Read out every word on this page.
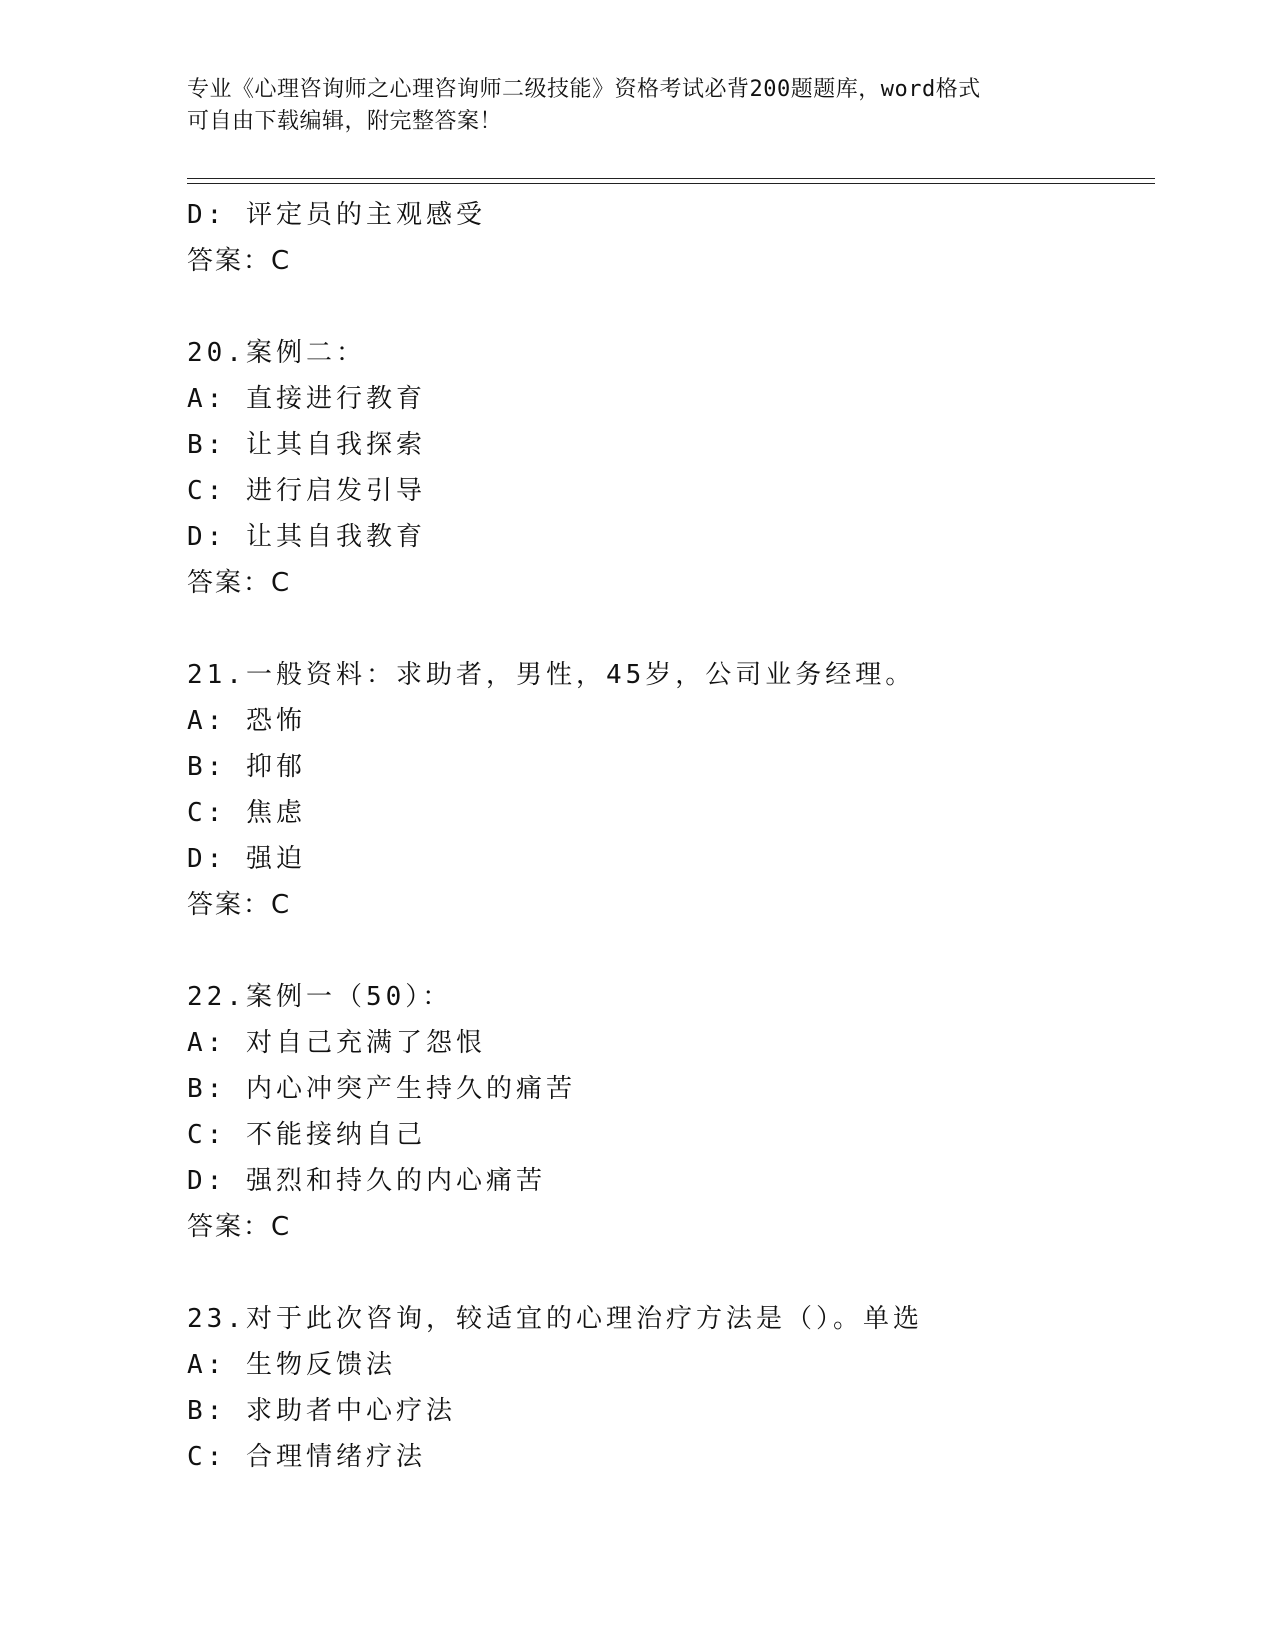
专业《心理咨询师之心理咨询师二级技能》资格考试必背200题题库，word格式
可自由下载编辑，附完整答案！
D: 评定员的主观感受
答案：C
20.案例二：
A: 直接进行教育
B: 让其自我探索
C: 进行启发引导
D: 让其自我教育
答案：C
21.一般资料：求助者，男性，45岁，公司业务经理。
A: 恐怖
B: 抑郁
C: 焦虑
D: 强迫
答案：C
22.案例一（50）：
A: 对自己充满了怨恨
B: 内心冲突产生持久的痛苦
C: 不能接纳自己
D: 强烈和持久的内心痛苦
答案：C
23.对于此次咨询，较适宜的心理治疗方法是（）。单选
A: 生物反馈法
B: 求助者中心疗法
C: 合理情绪疗法
